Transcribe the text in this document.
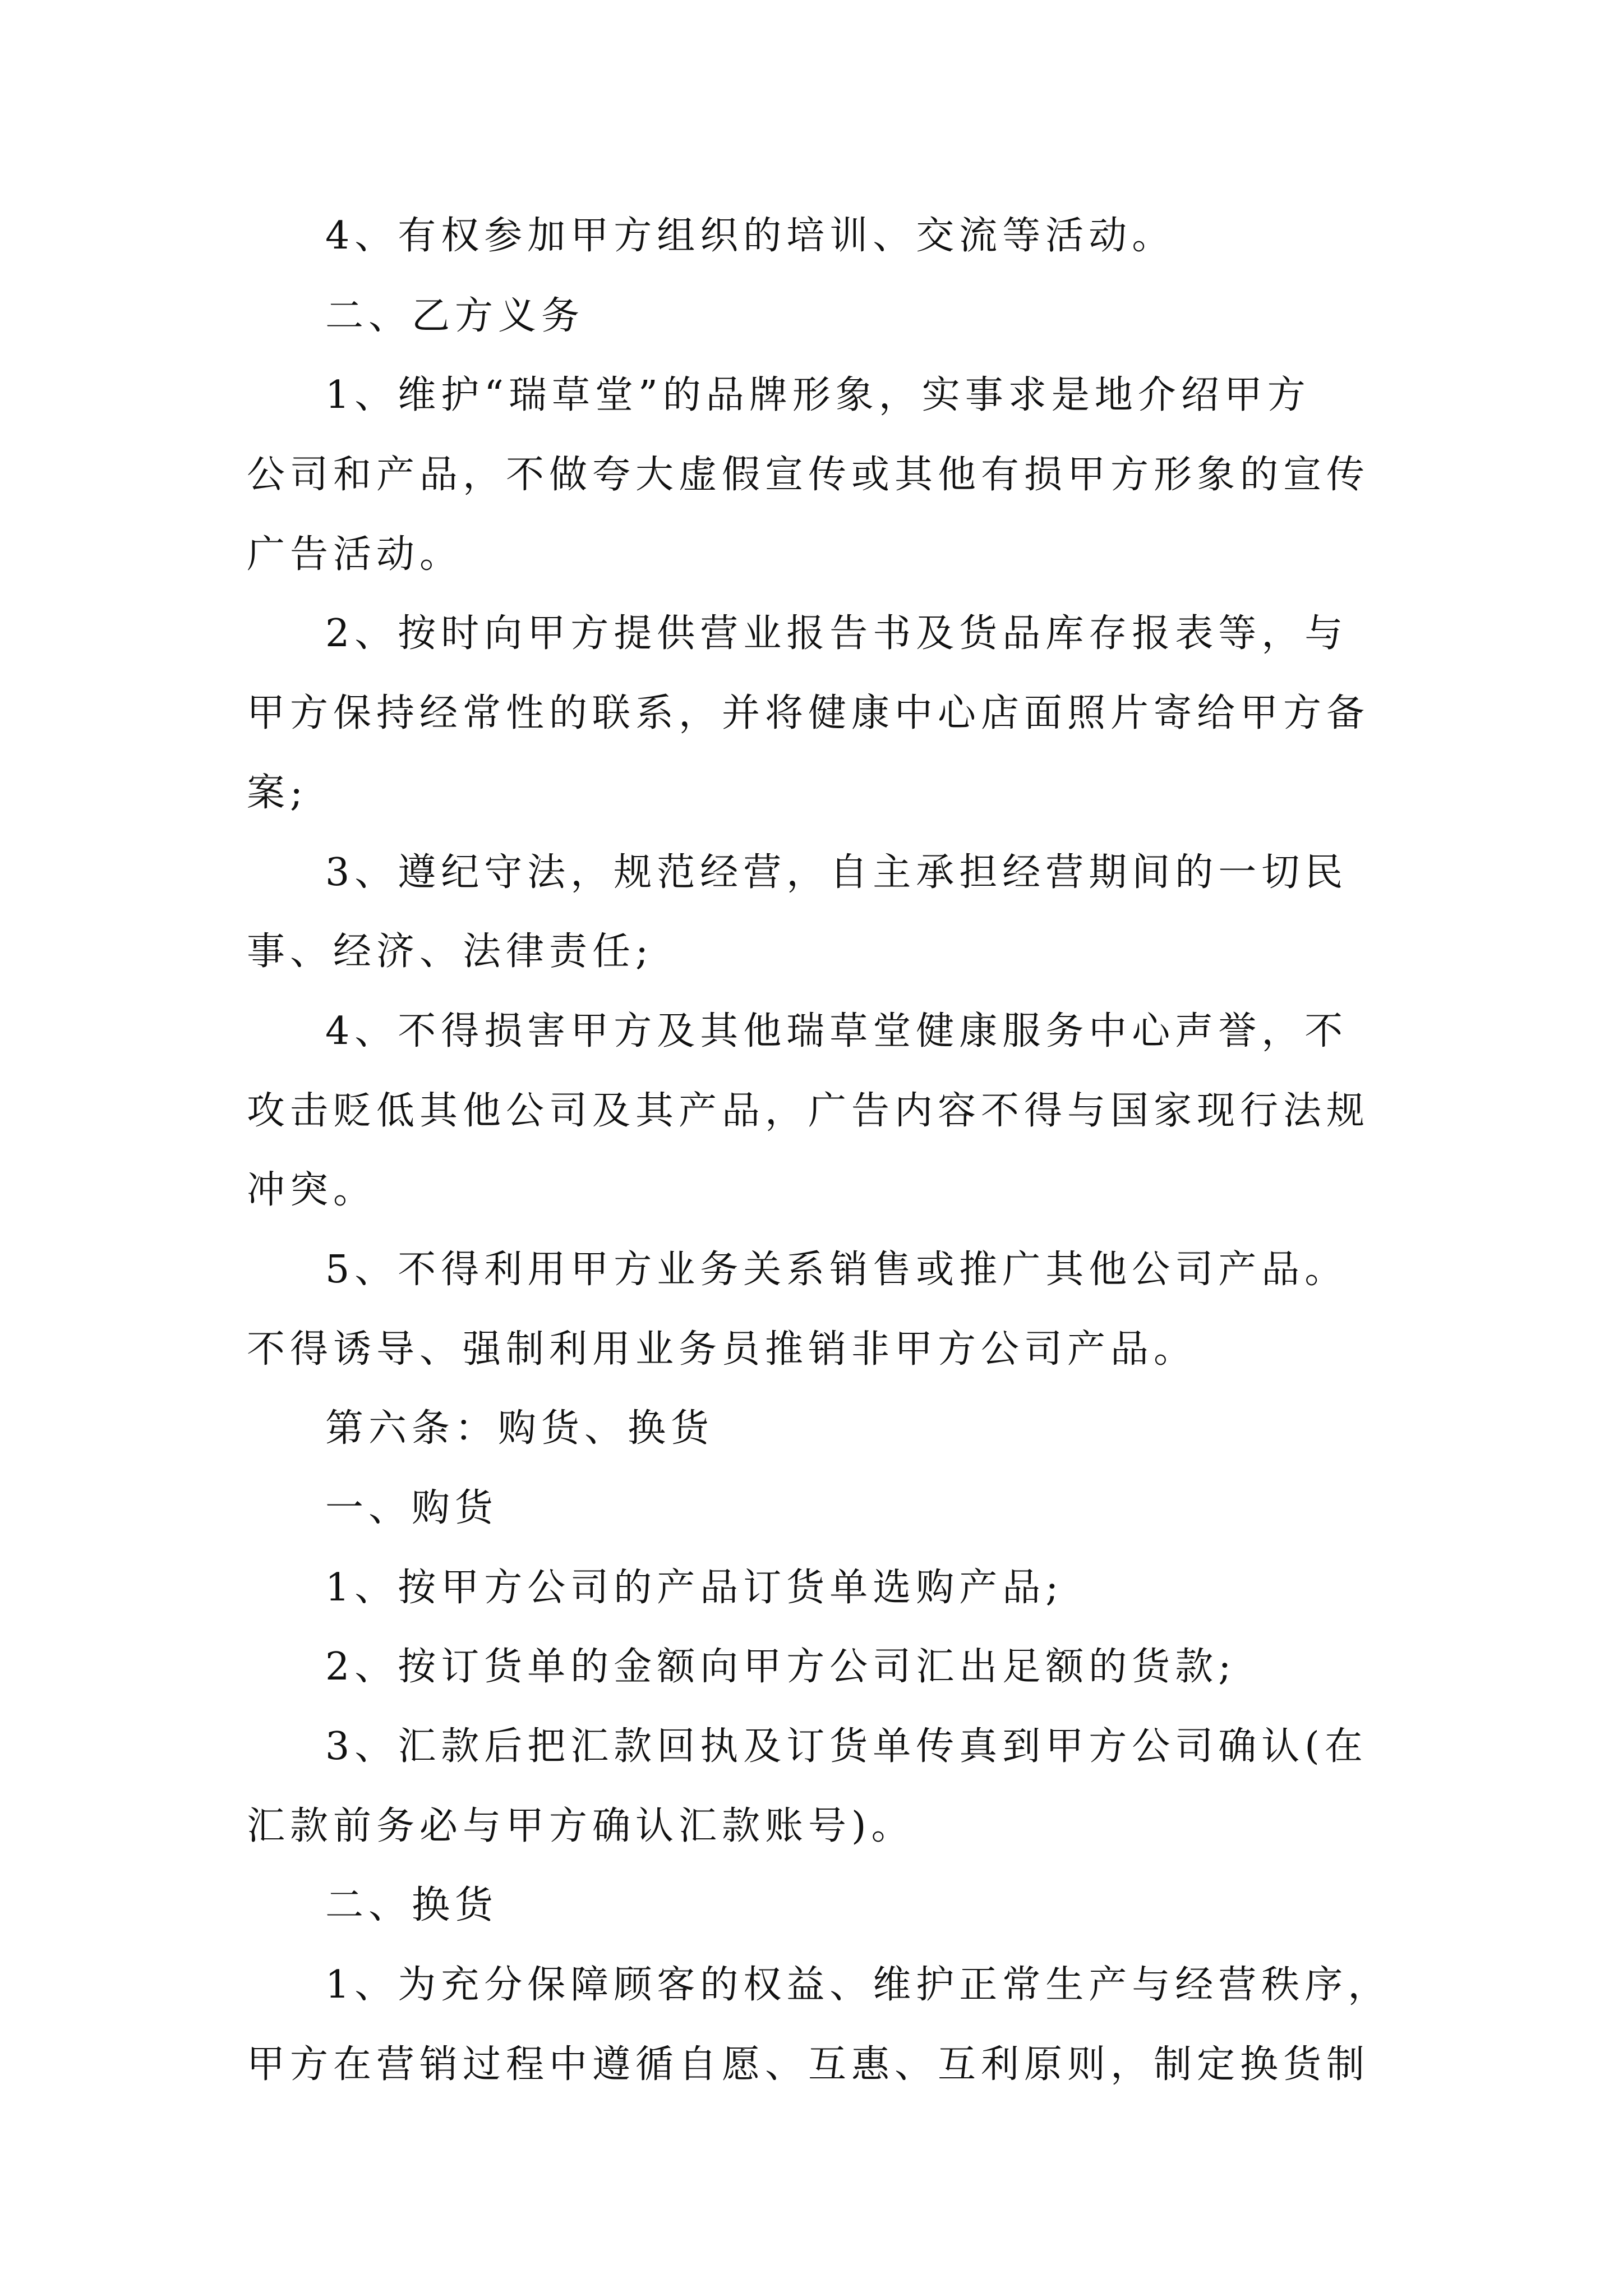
4、有权参加甲方组织的培训、交流等活动。
二、乙方义务
1、维护“瑞草堂”的品牌形象，实事求是地介绍甲方
公司和产品，不做夸大虚假宣传或其他有损甲方形象的宣传
广告活动。
2、按时向甲方提供营业报告书及货品库存报表等，与
甲方保持经常性的联系，并将健康中心店面照片寄给甲方备
案;
3、遵纪守法，规范经营，自主承担经营期间的一切民
事、经济、法律责任;
4、不得损害甲方及其他瑞草堂健康服务中心声誉，不
攻击贬低其他公司及其产品，广告内容不得与国家现行法规
冲突。
5、不得利用甲方业务关系销售或推广其他公司产品。
不得诱导、强制利用业务员推销非甲方公司产品。
第六条：购货、换货
一、购货
1、按甲方公司的产品订货单选购产品;
2、按订货单的金额向甲方公司汇出足额的货款;
3、汇款后把汇款回执及订货单传真到甲方公司确认(在
汇款前务必与甲方确认汇款账号)。
二、换货
1、为充分保障顾客的权益、维护正常生产与经营秩序，
甲方在营销过程中遵循自愿、互惠、互利原则，制定换货制
